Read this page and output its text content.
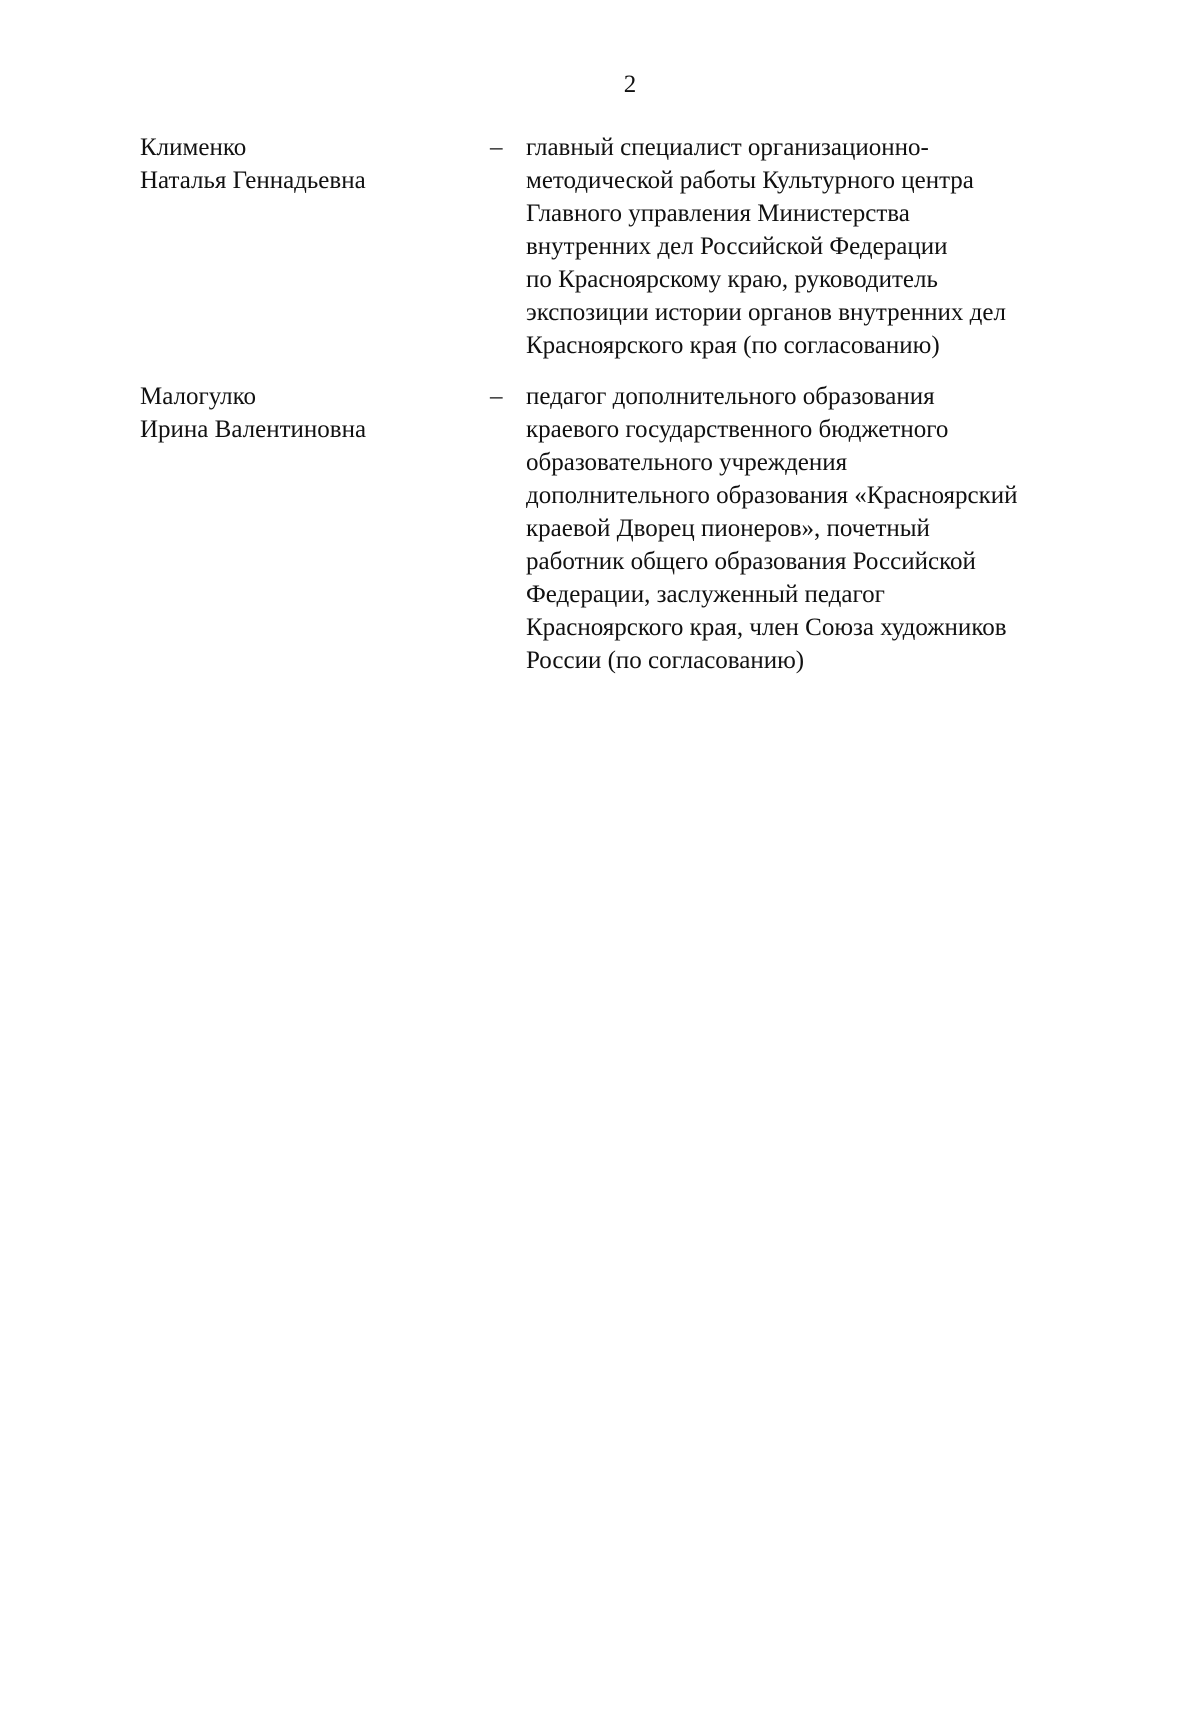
2
Клименко
Наталья Геннадьевна
– главный специалист организационно-
методической работы Культурного центра
Главного управления Министерства
внутренних дел Российской Федерации
по Красноярскому краю, руководитель
экспозиции истории органов внутренних дел
Красноярского края (по согласованию)
Малогулко
Ирина Валентиновна
– педагог дополнительного образования
краевого государственного бюджетного
образовательного учреждения
дополнительного образования «Красноярский
краевой Дворец пионеров», почетный
работник общего образования Российской
Федерации, заслуженный педагог
Красноярского края, член Союза художников
России (по согласованию)
